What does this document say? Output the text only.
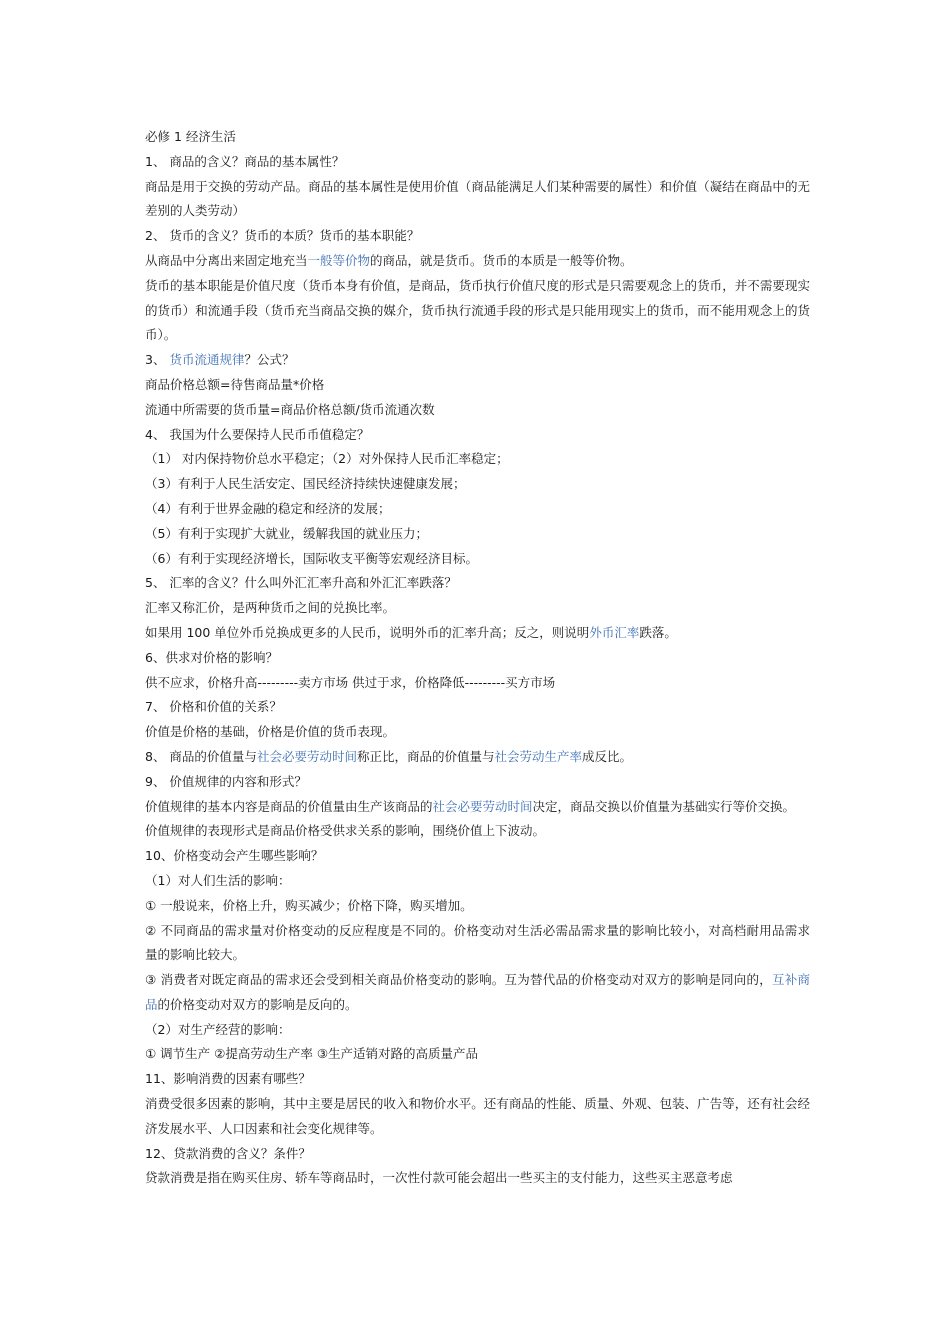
必修 1 经济生活
1、 商品的含义？商品的基本属性？
商品是用于交换的劳动产品。商品的基本属性是使用价值（商品能满足人们某种需要的属性）和价值（凝结在商品中的无差别的人类劳动）
2、 货币的含义？货币的本质？货币的基本职能？
从商品中分离出来固定地充当一般等价物的商品，就是货币。货币的本质是一般等价物。
货币的基本职能是价值尺度（货币本身有价值，是商品，货币执行价值尺度的形式是只需要观念上的货币，并不需要现实的货币）和流通手段（货币充当商品交换的媒介，货币执行流通手段的形式是只能用现实上的货币，而不能用观念上的货币）。
3、 货币流通规律？公式？
商品价格总额=待售商品量*价格
流通中所需要的货币量=商品价格总额/货币流通次数
4、 我国为什么要保持人民币币值稳定？
（1） 对内保持物价总水平稳定；（2）对外保持人民币汇率稳定；
（3）有利于人民生活安定、国民经济持续快速健康发展；
（4）有利于世界金融的稳定和经济的发展；
（5）有利于实现扩大就业，缓解我国的就业压力；
（6）有利于实现经济增长，国际收支平衡等宏观经济目标。
5、 汇率的含义？什么叫外汇汇率升高和外汇汇率跌落？
汇率又称汇价，是两种货币之间的兑换比率。
如果用 100 单位外币兑换成更多的人民币，说明外币的汇率升高；反之，则说明外币汇率跌落。
6、供求对价格的影响？
供不应求，价格升高---------卖方市场 供过于求，价格降低---------买方市场
7、 价格和价值的关系？
价值是价格的基础，价格是价值的货币表现。
8、 商品的价值量与社会必要劳动时间称正比，商品的价值量与社会劳动生产率成反比。
9、 价值规律的内容和形式？
价值规律的基本内容是商品的价值量由生产该商品的社会必要劳动时间决定，商品交换以价值量为基础实行等价交换。
价值规律的表现形式是商品价格受供求关系的影响，围绕价值上下波动。
10、价格变动会产生哪些影响？
（1）对人们生活的影响：
① 一般说来，价格上升，购买减少；价格下降，购买增加。
② 不同商品的需求量对价格变动的反应程度是不同的。价格变动对生活必需品需求量的影响比较小，对高档耐用品需求量的影响比较大。
③ 消费者对既定商品的需求还会受到相关商品价格变动的影响。互为替代品的价格变动对双方的影响是同向的，互补商品的价格变动对双方的影响是反向的。
（2）对生产经营的影响：
① 调节生产 ②提高劳动生产率 ③生产适销对路的高质量产品
11、影响消费的因素有哪些？
消费受很多因素的影响，其中主要是居民的收入和物价水平。还有商品的性能、质量、外观、包装、广告等，还有社会经济发展水平、人口因素和社会变化规律等。
12、贷款消费的含义？条件？
贷款消费是指在购买住房、轿车等商品时，一次性付款可能会超出一些买主的支付能力，这些买主恶意考虑
